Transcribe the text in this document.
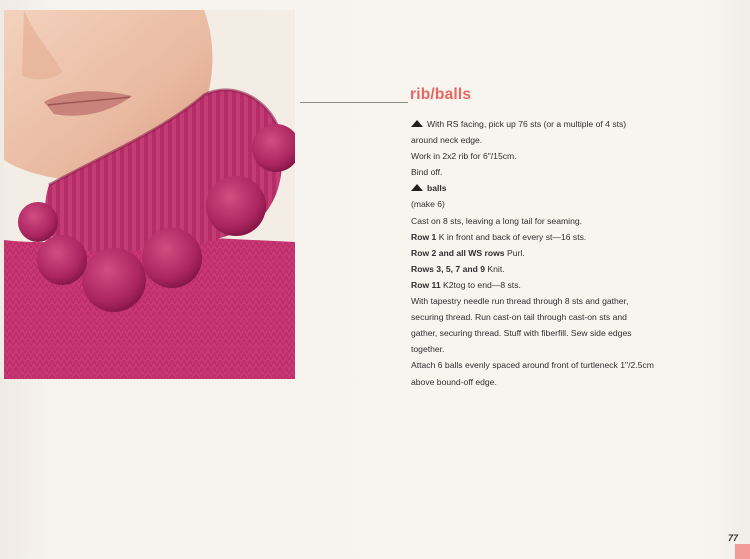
rib/balls
With RS facing, pick up 76 sts (or a multiple of 4 sts)
around neck edge.
Work in 2x2 rib for 6"/15cm.
Bind off.
balls
(make 6)
Cast on 8 sts, leaving a long tail for seaming.
Row 1 K in front and back of every st—16 sts.
Row 2 and all WS rows Purl.
Rows 3, 5, 7 and 9 Knit.
Row 11 K2tog to end—8 sts.
With tapestry needle run thread through 8 sts and gather,
securing thread. Run cast-on tail through cast-on sts and
gather, securing thread. Stuff with fiberfill. Sew side edges
together.
Attach 6 balls evenly spaced around front of turtleneck 1"/2.5cm
above bound-off edge.
77
